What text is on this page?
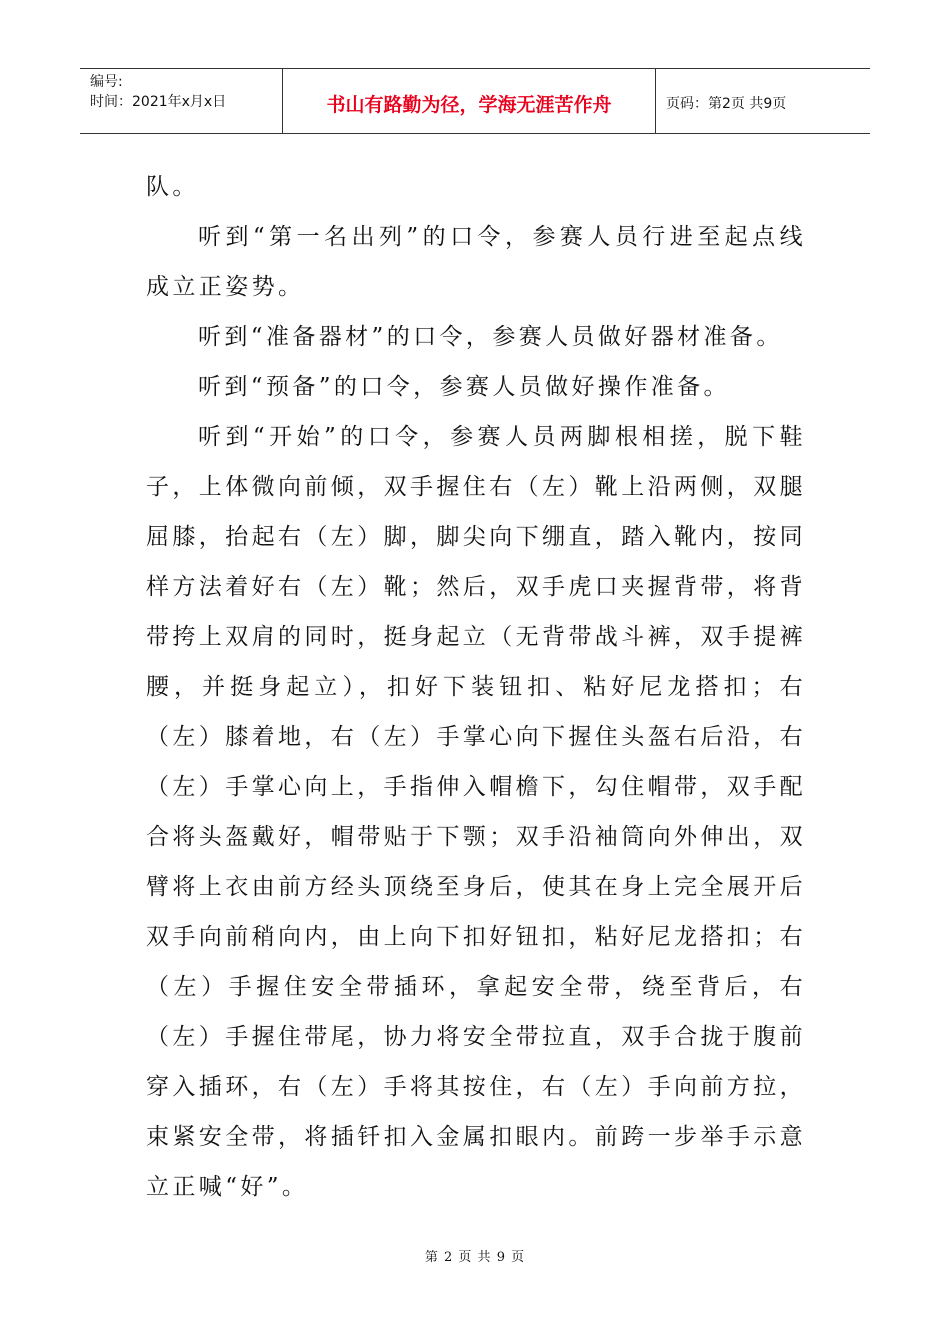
编号:
时间：2021年x月x日	书山有路勤为径，学海无涯苦作舟	页码：第2页 共9页

队。

听到“第一名出列”的口令，参赛人员行进至起点线成立正姿势。

听到“准备器材”的口令，参赛人员做好器材准备。

听到“预备”的口令，参赛人员做好操作准备。

听到“开始”的口令，参赛人员两脚根相搓，脱下鞋子，上体微向前倾，双手握住右（左）靴上沿两侧，双腿屈膝，抬起右（左）脚，脚尖向下绷直，踏入靴内，按同样方法着好右（左）靴；然后，双手虎口夹握背带，将背带挎上双肩的同时，挺身起立（无背带战斗裤，双手提裤腰，并挺身起立），扣好下装钮扣、粘好尼龙搭扣；右（左）膝着地，右（左）手掌心向下握住头盔右后沿，右（左）手掌心向上，手指伸入帽檐下，勾住帽带，双手配合将头盔戴好，帽带贴于下颚；双手沿袖筒向外伸出，双臂将上衣由前方经头顶绕至身后，使其在身上完全展开后双手向前稍向内，由上向下扣好钮扣，粘好尼龙搭扣；右（左）手握住安全带插环，拿起安全带，绕至背后，右（左）手握住带尾，协力将安全带拉直，双手合拢于腹前穿入插环，右（左）手将其按住，右（左）手向前方拉，束紧安全带，将插钎扣入金属扣眼内。前跨一步举手示意立正喊“好”。

第 2 页 共 9 页
